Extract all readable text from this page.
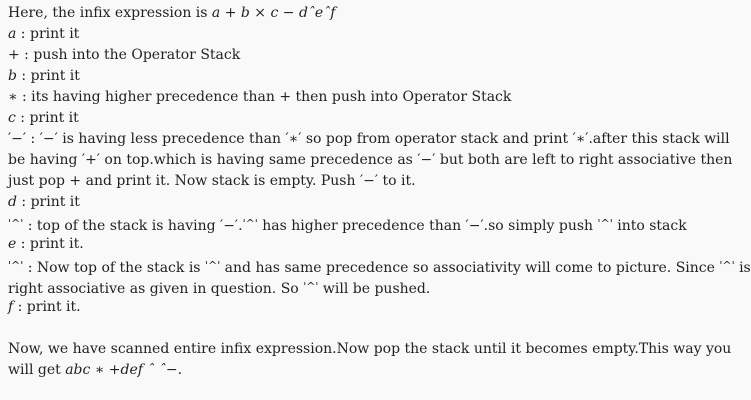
Here, the infix expression is a + b × c − dˆeˆf
a : print it
+ : push into the Operator Stack
b : print it
∗ : its having higher precedence than + then push into Operator Stack
c : print it
′−′ : ′−′ is having less precedence than ′∗′ so pop from operator stack and print ′∗′.after this stack will
be having ′+′ on top.which is having same precedence as ′−′ but both are left to right associative then
just pop + and print it. Now stack is empty. Push ′−′ to it.
d : print it
'^' : top of the stack is having ′−′.'^' has higher precedence than ′−′.so simply push '^' into stack
e : print it.
'^' : Now top of the stack is '^' and has same precedence so associativity will come to picture. Since '^' is
right associative as given in question. So '^' will be pushed.
f : print it.
Now, we have scanned entire infix expression.Now pop the stack until it becomes empty.This way you
will get abc ∗ +def ˆ ˆ−.
